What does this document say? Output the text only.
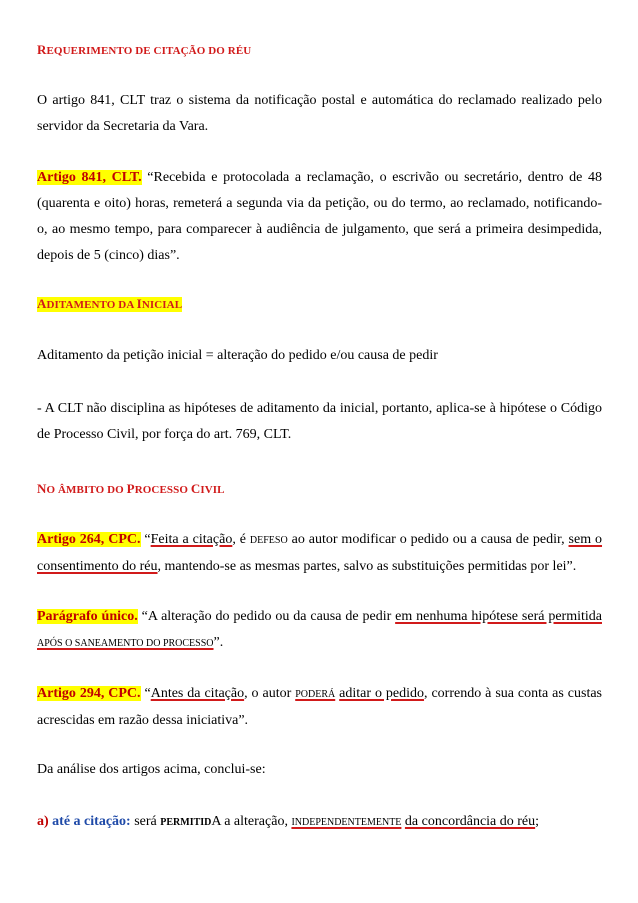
REQUERIMENTO DE CITAÇÃO DO RÉU
O artigo 841, CLT traz o sistema da notificação postal e automática do reclamado realizado pelo servidor da Secretaria da Vara.
Artigo 841, CLT. “Recebida e protocolada a reclamação, o escrivão ou secretário, dentro de 48 (quarenta e oito) horas, remeterá a segunda via da petição, ou do termo, ao reclamado, notificando-o, ao mesmo tempo, para comparecer à audiência de julgamento, que será a primeira desimpedida, depois de 5 (cinco) dias”.
ADITAMENTO DA INICIAL
Aditamento da petição inicial = alteração do pedido e/ou causa de pedir
- A CLT não disciplina as hipóteses de aditamento da inicial, portanto, aplica-se à hipótese o Código de Processo Civil, por força do art. 769, CLT.
NO ÂMBITO DO PROCESSO CIVIL
Artigo 264, CPC. “Feita a citação, é DEFESO ao autor modificar o pedido ou a causa de pedir, sem o consentimento do réu, mantendo-se as mesmas partes, salvo as substituições permitidas por lei”.
Parágrafo único. “A alteração do pedido ou da causa de pedir em nenhuma hipótese será permitida APÓS O SANEAMENTO DO PROCESSO”.
Artigo 294, CPC. “Antes da citação, o autor PODERÁ aditar o pedido, correndo à sua conta as custas acrescidas em razão dessa iniciativa”.
Da análise dos artigos acima, conclui-se:
a) até a citação: será PERMITIDA a alteração, INDEPENDENTEMENTE da concordância do réu;
